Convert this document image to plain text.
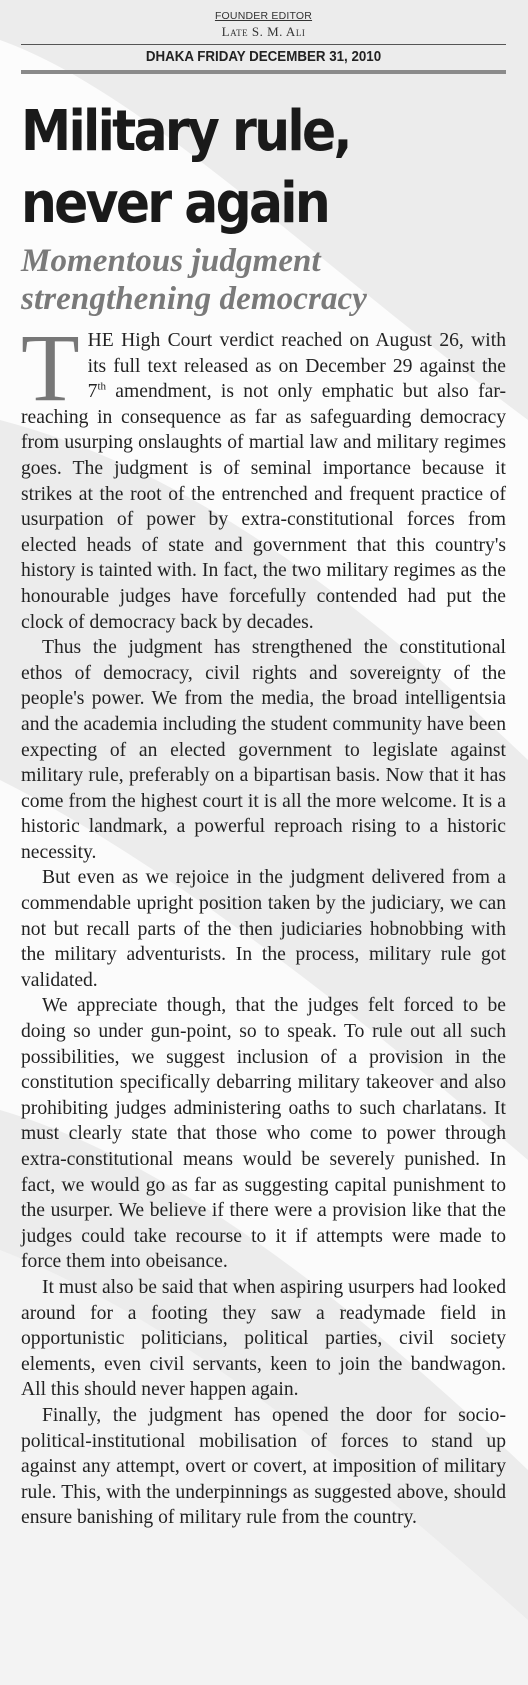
FOUNDER EDITOR
Late S. M. Ali
DHAKA FRIDAY DECEMBER 31, 2010
Military rule, never again
Momentous judgment strengthening democracy

THE High Court verdict reached on August 26, with its full text released as on December 29 against the 7th amendment, is not only emphatic but also far-reaching in consequence as far as safeguarding democracy from usurping onslaughts of martial law and military regimes goes. The judgment is of seminal importance because it strikes at the root of the entrenched and frequent practice of usurpation of power by extra-constitutional forces from elected heads of state and government that this country's history is tainted with. In fact, the two military regimes as the honourable judges have forcefully contended had put the clock of democracy back by decades.

Thus the judgment has strengthened the constitutional ethos of democracy, civil rights and sovereignty of the people's power. We from the media, the broad intelligentsia and the academia including the student community have been expecting of an elected government to legislate against military rule, preferably on a bipartisan basis. Now that it has come from the highest court it is all the more welcome. It is a historic landmark, a powerful reproach rising to a historic necessity.

But even as we rejoice in the judgment delivered from a commendable upright position taken by the judiciary, we can not but recall parts of the then judiciaries hobnobbing with the military adventurists. In the process, military rule got validated.

We appreciate though, that the judges felt forced to be doing so under gun-point, so to speak. To rule out all such possibilities, we suggest inclusion of a provision in the constitution specifically debarring military takeover and also prohibiting judges administering oaths to such charlatans. It must clearly state that those who come to power through extra-constitutional means would be severely punished. In fact, we would go as far as suggesting capital punishment to the usurper. We believe if there were a provision like that the judges could take recourse to it if attempts were made to force them into obeisance.

It must also be said that when aspiring usurpers had looked around for a footing they saw a readymade field in opportunistic politicians, political parties, civil society elements, even civil servants, keen to join the bandwagon. All this should never happen again.

Finally, the judgment has opened the door for socio-political-institutional mobilisation of forces to stand up against any attempt, overt or covert, at imposition of military rule. This, with the underpinnings as suggested above, should ensure banishing of military rule from the country.
